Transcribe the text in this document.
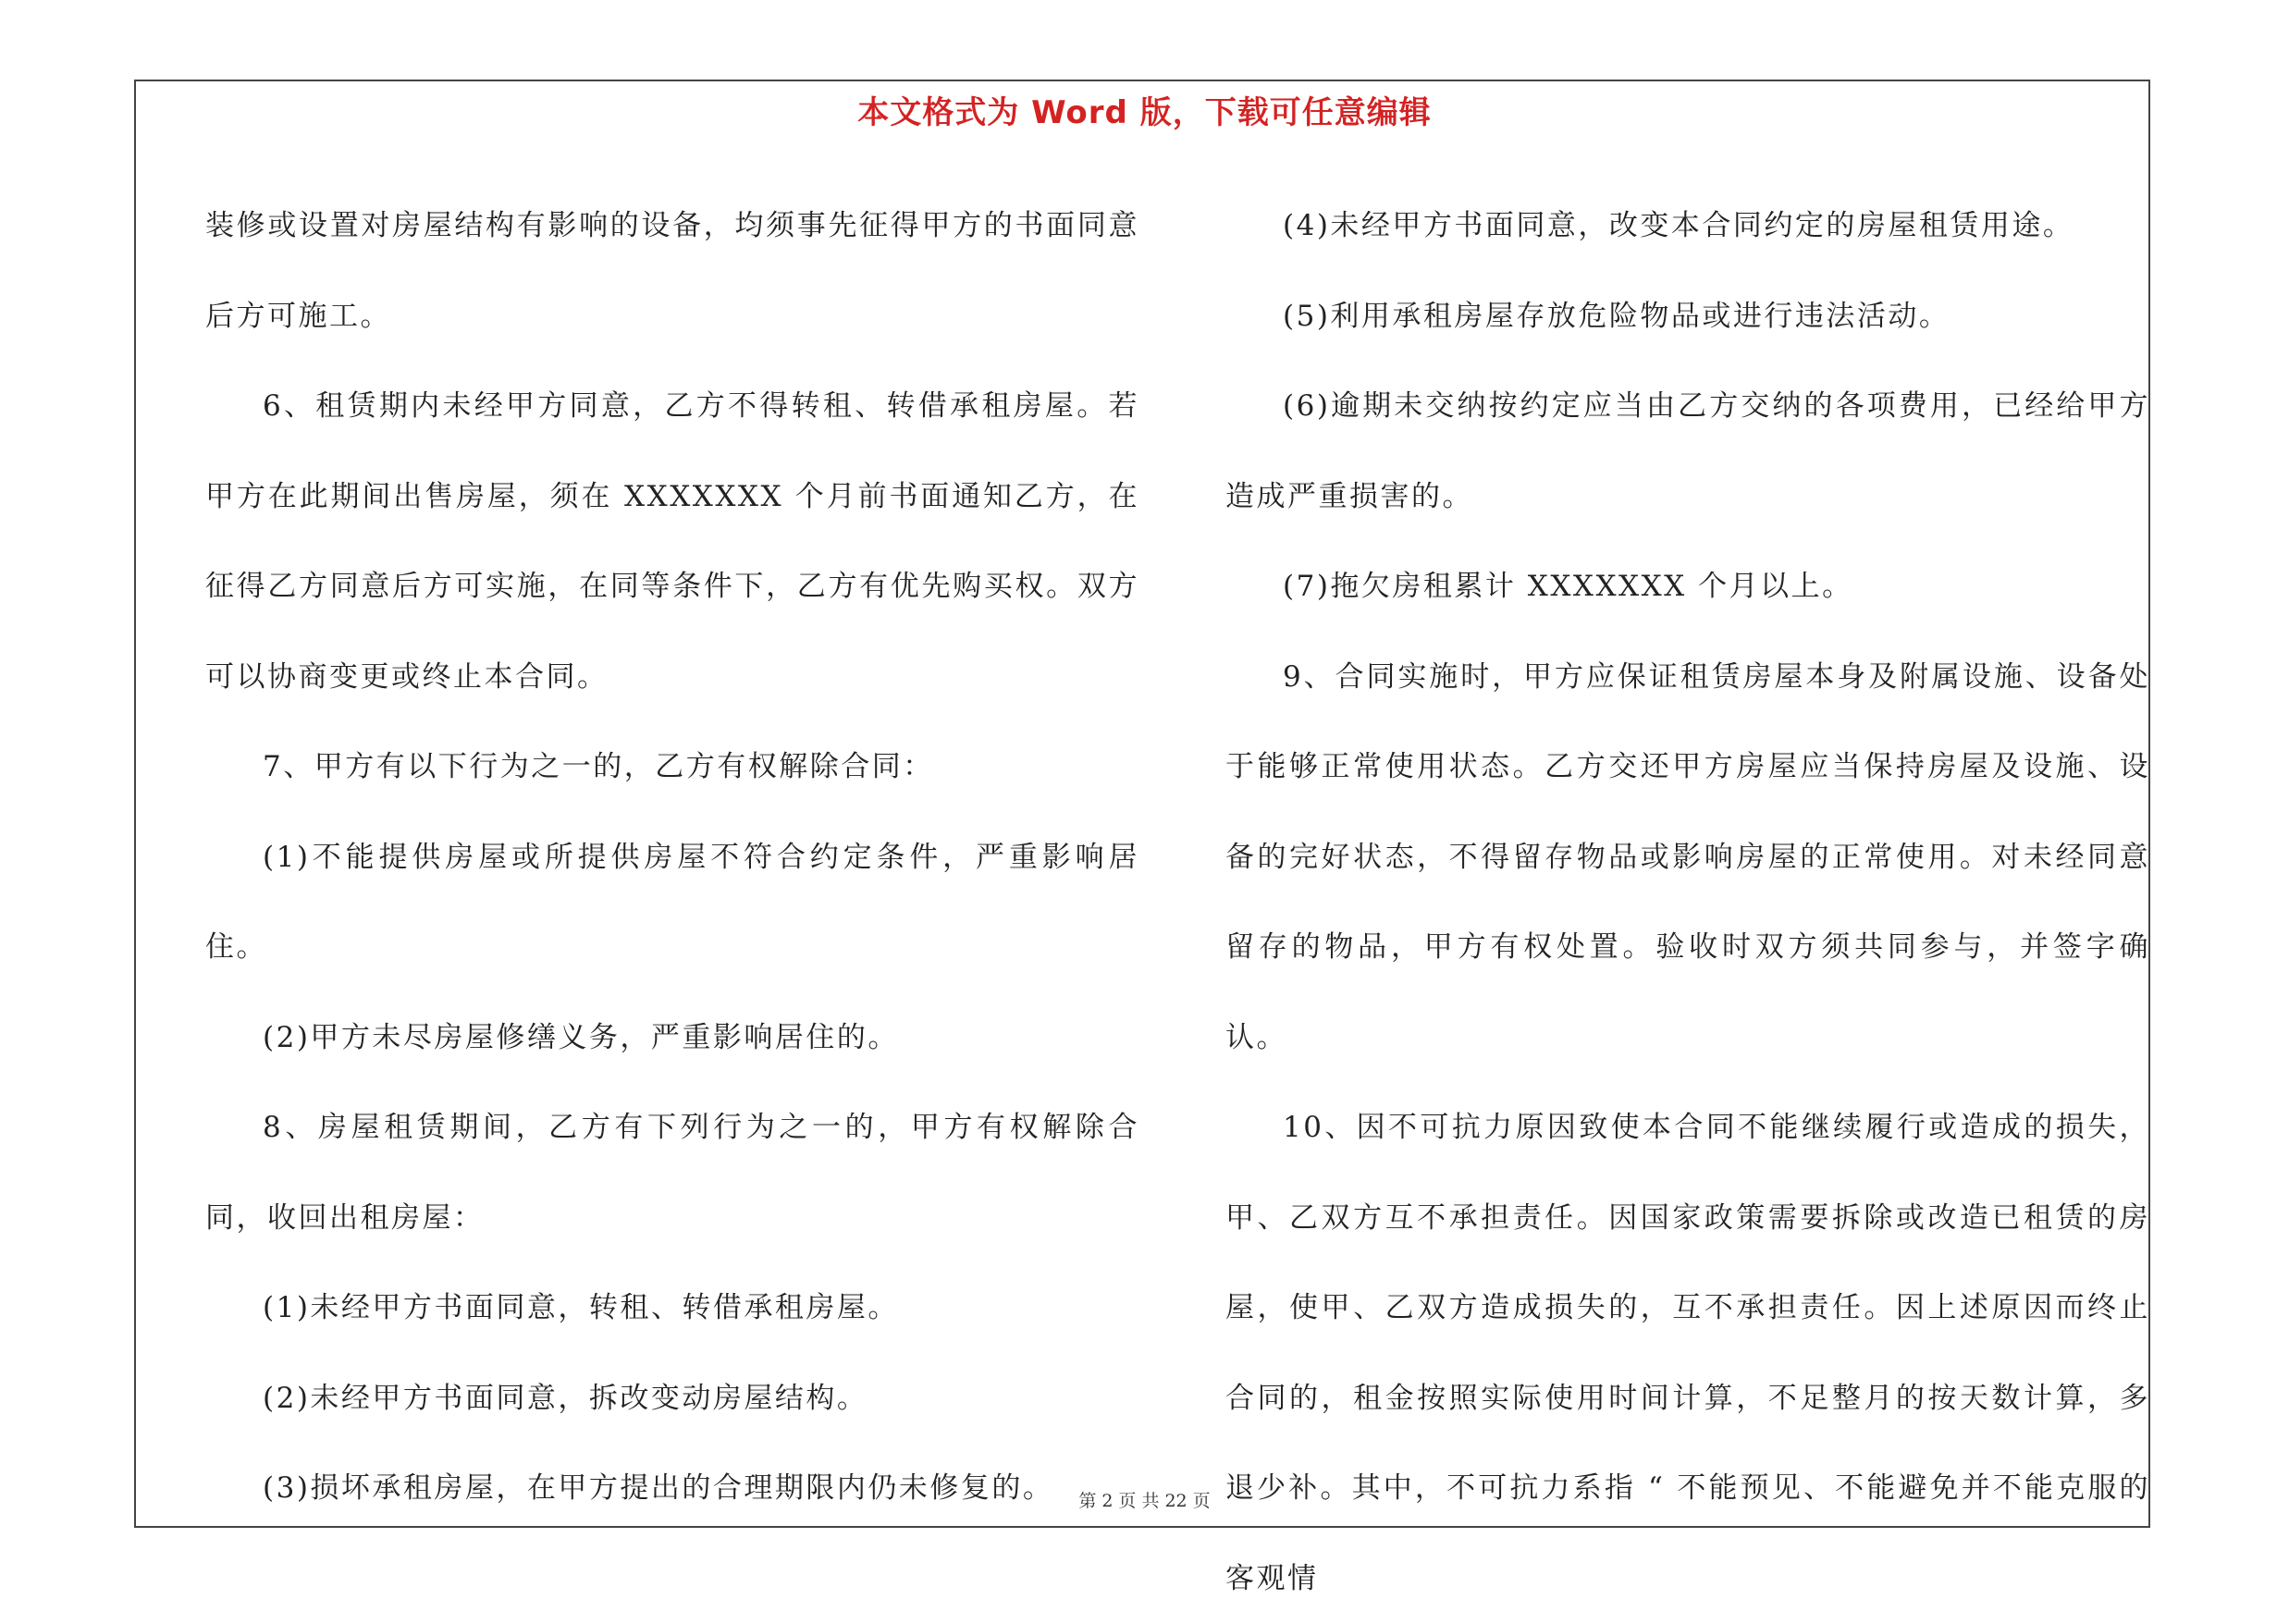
本文格式为 Word 版，下载可任意编辑

装修或设置对房屋结构有影响的设备，均须事先征得甲方的书面同意后方可施工。

6、租赁期内未经甲方同意，乙方不得转租、转借承租房屋。若甲方在此期间出售房屋，须在 XXXXXXX 个月前书面通知乙方，在征得乙方同意后方可实施，在同等条件下，乙方有优先购买权。双方可以协商变更或终止本合同。

7、甲方有以下行为之一的，乙方有权解除合同：

(1)不能提供房屋或所提供房屋不符合约定条件，严重影响居住。

(2)甲方未尽房屋修缮义务，严重影响居住的。

8、房屋租赁期间，乙方有下列行为之一的，甲方有权解除合同，收回出租房屋：

(1)未经甲方书面同意，转租、转借承租房屋。

(2)未经甲方书面同意，拆改变动房屋结构。

(3)损坏承租房屋，在甲方提出的合理期限内仍未修复的。

(4)未经甲方书面同意，改变本合同约定的房屋租赁用途。

(5)利用承租房屋存放危险物品或进行违法活动。

(6)逾期未交纳按约定应当由乙方交纳的各项费用，已经给甲方造成严重损害的。

(7)拖欠房租累计 XXXXXXX 个月以上。

9、合同实施时，甲方应保证租赁房屋本身及附属设施、设备处于能够正常使用状态。乙方交还甲方房屋应当保持房屋及设施、设备的完好状态，不得留存物品或影响房屋的正常使用。对未经同意留存的物品，甲方有权处置。验收时双方须共同参与，并签字确认。

10、因不可抗力原因致使本合同不能继续履行或造成的损失，甲、乙双方互不承担责任。因国家政策需要拆除或改造已租赁的房屋，使甲、乙双方造成损失的，互不承担责任。因上述原因而终止合同的，租金按照实际使用时间计算，不足整月的按天数计算，多退少补。其中，不可抗力系指 “ 不能预见、不能避免并不能克服的客观情

第 2 页 共 22 页
